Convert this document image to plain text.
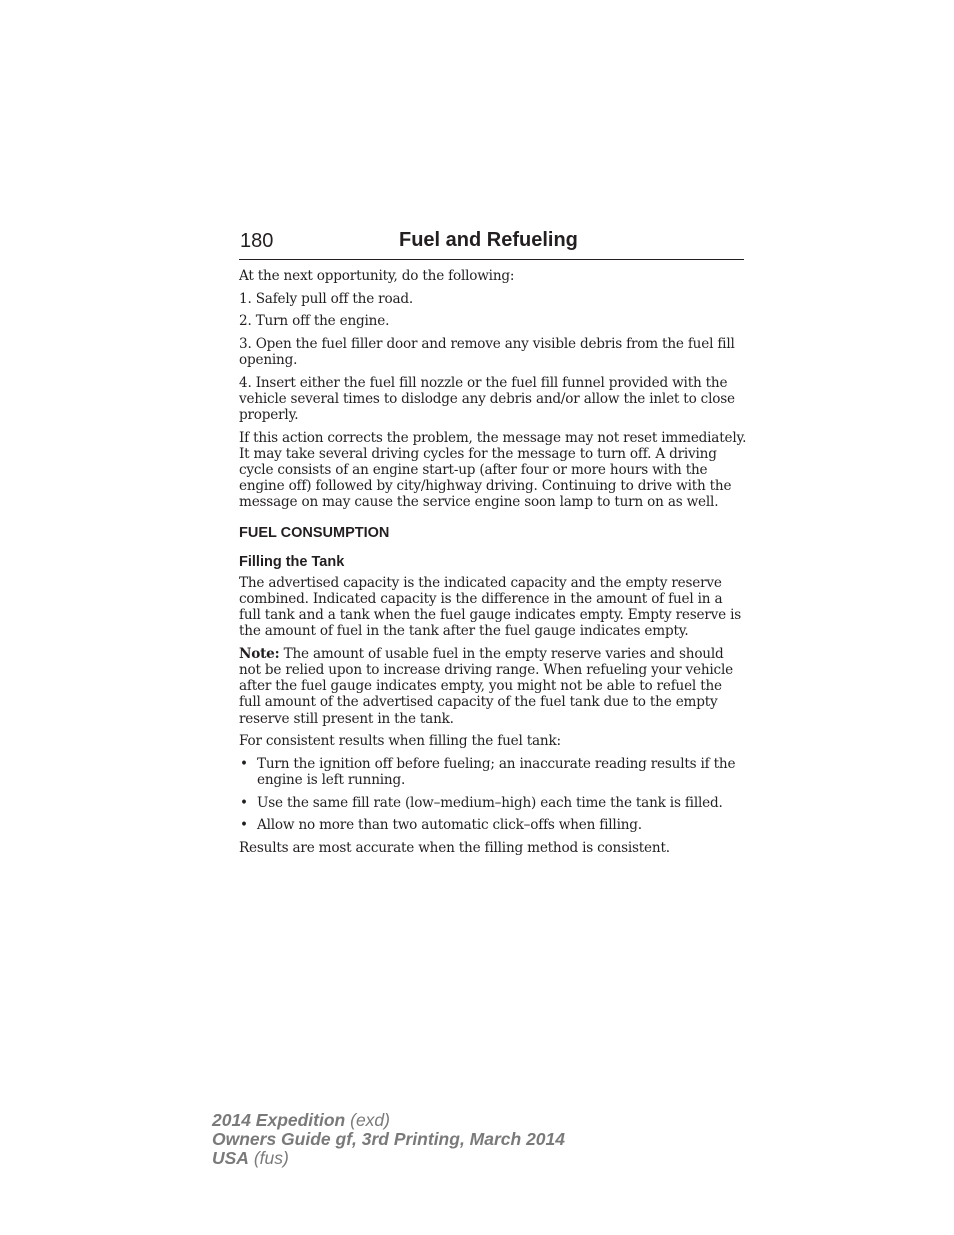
180	Fuel and Refueling

At the next opportunity, do the following:

1. Safely pull off the road.

2. Turn off the engine.

3. Open the fuel filler door and remove any visible debris from the fuel fill opening.

4. Insert either the fuel fill nozzle or the fuel fill funnel provided with the vehicle several times to dislodge any debris and/or allow the inlet to close properly.

If this action corrects the problem, the message may not reset immediately. It may take several driving cycles for the message to turn off. A driving cycle consists of an engine start-up (after four or more hours with the engine off) followed by city/highway driving. Continuing to drive with the message on may cause the service engine soon lamp to turn on as well.

FUEL CONSUMPTION
Filling the Tank

The advertised capacity is the indicated capacity and the empty reserve combined. Indicated capacity is the difference in the amount of fuel in a full tank and a tank when the fuel gauge indicates empty. Empty reserve is the amount of fuel in the tank after the fuel gauge indicates empty.

Note: The amount of usable fuel in the empty reserve varies and should not be relied upon to increase driving range. When refueling your vehicle after the fuel gauge indicates empty, you might not be able to refuel the full amount of the advertised capacity of the fuel tank due to the empty reserve still present in the tank.

For consistent results when filling the fuel tank:

• Turn the ignition off before fueling; an inaccurate reading results if the engine is left running.
• Use the same fill rate (low–medium–high) each time the tank is filled.
• Allow no more than two automatic click–offs when filling.

Results are most accurate when the filling method is consistent.

2014 Expedition (exd)
Owners Guide gf, 3rd Printing, March 2014
USA (fus)
